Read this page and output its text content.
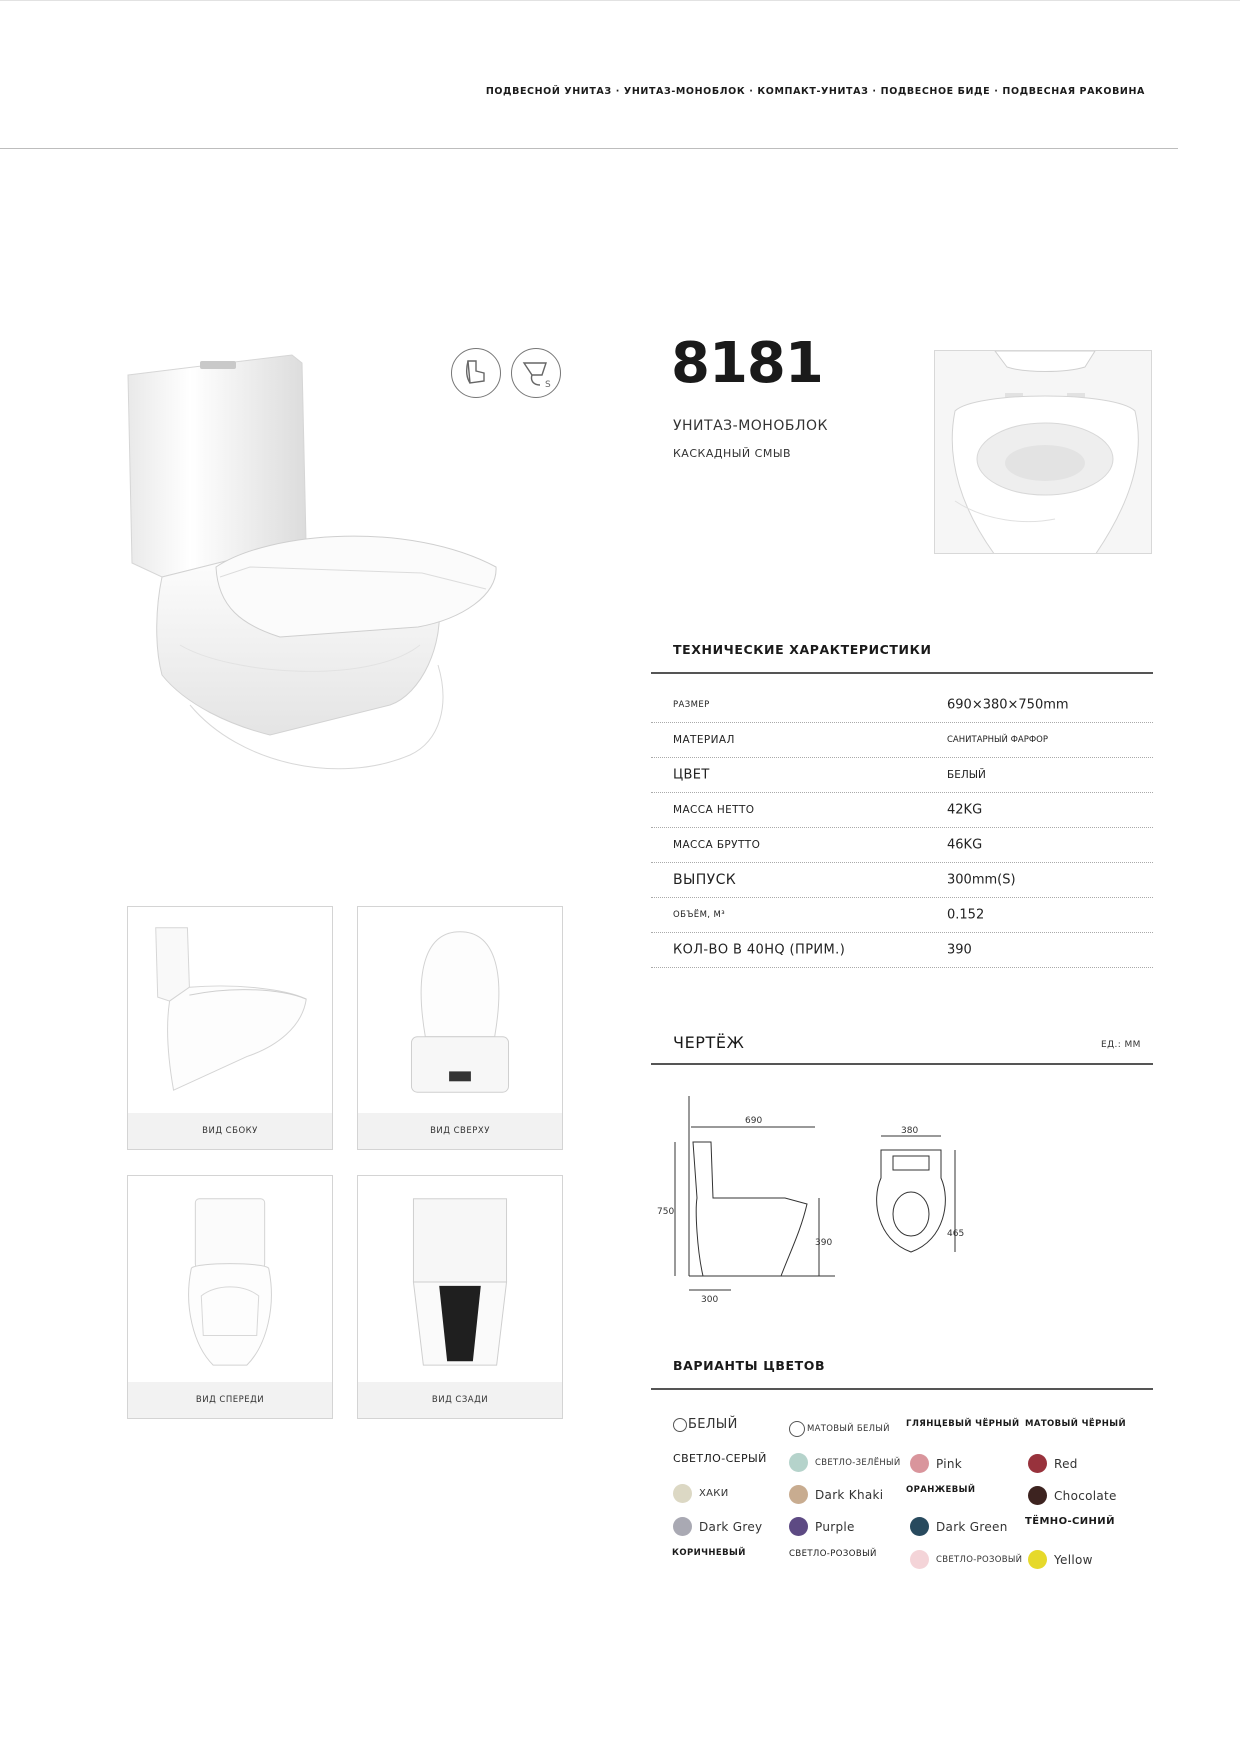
ПОДВЕСНОЙ УНИТАЗ · УНИТАЗ-МОНОБЛОК · КОМПАКТ-УНИТАЗ · ПОДВЕСНОЕ БИДЕ · ПОДВЕСНАЯ РАКОВИНА
S 8181
УНИТАЗ-МОНОБЛОК
КАСКАДНЫЙ СМЫВ
ТЕХНИЧЕСКИЕ ХАРАКТЕРИСТИКИ
РАЗМЕР	690×380×750mm
МАТЕРИАЛ	САНИТАРНЫЙ ФАРФОР
ЦВЕТ	БЕЛЫЙ
МАССА НЕТТО	42KG
МАССА БРУТТО	46KG
ВЫПУСК	300mm(S)
ОБЪЁМ, М³	0.152
КОЛ-ВО В 40HQ (ПРИМ.)	390
ВИД СБОКУ	ВИД СВЕРХУ
ВИД СПЕРЕДИ	ВИД СЗАДИ
ЧЕРТЁЖ	ЕД.: ММ
690
750
390
300
380
465
ВАРИАНТЫ ЦВЕТОВ
БЕЛЫЙ
СВЕТЛО-СЕРЫЙ
ХАКИ
Dark Grey
КОРИЧНЕВЫЙ
МАТОВЫЙ БЕЛЫЙ
СВЕТЛО-ЗЕЛЁНЫЙ
Dark Khaki
Purple
СВЕТЛО-РОЗОВЫЙ
ГЛЯНЦЕВЫЙ ЧЁРНЫЙ
Pink
ОРАНЖЕВЫЙ
Dark Green
СВЕТЛО-РОЗОВЫЙ
МАТОВЫЙ ЧЁРНЫЙ
Red
Chocolate
ТЁМНО-СИНИЙ
Yellow
